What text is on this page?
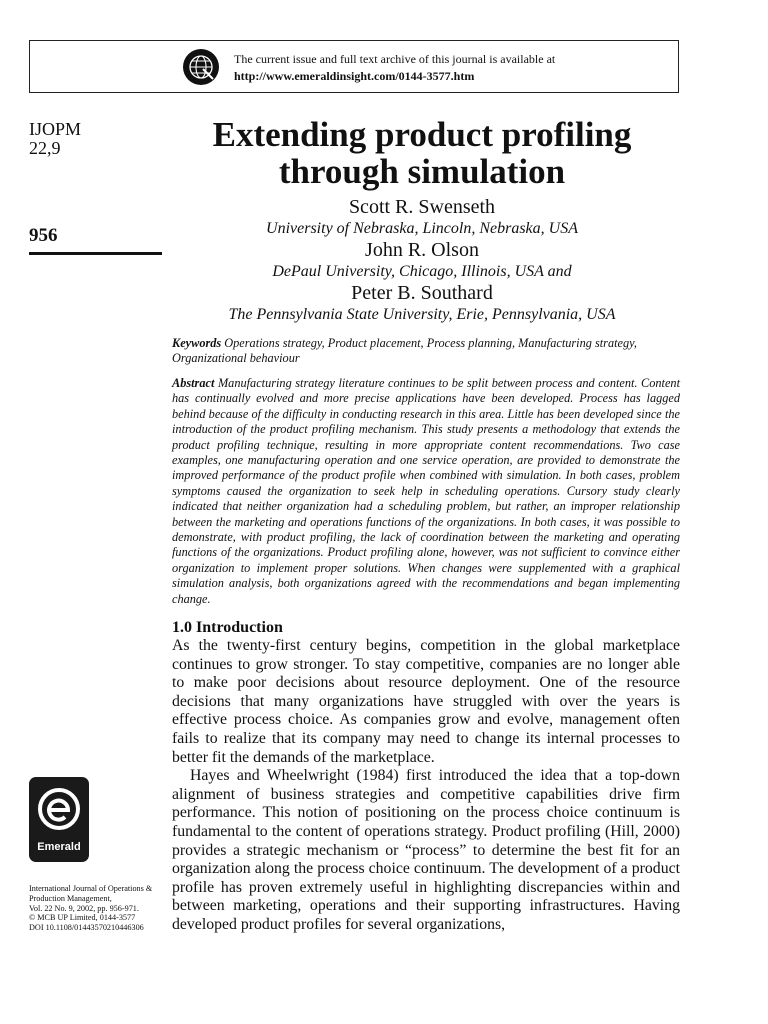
The current issue and full text archive of this journal is available at
http://www.emeraldinsight.com/0144-3577.htm
IJOPM
22,9
956
Extending product profiling
through simulation
Scott R. Swenseth
University of Nebraska, Lincoln, Nebraska, USA
John R. Olson
DePaul University, Chicago, Illinois, USA and
Peter B. Southard
The Pennsylvania State University, Erie, Pennsylvania, USA
Keywords Operations strategy, Product placement, Process planning, Manufacturing strategy, Organizational behaviour
Abstract Manufacturing strategy literature continues to be split between process and content. Content has continually evolved and more precise applications have been developed. Process has lagged behind because of the difficulty in conducting research in this area. Little has been developed since the introduction of the product profiling mechanism. This study presents a methodology that extends the product profiling technique, resulting in more appropriate content recommendations. Two case examples, one manufacturing operation and one service operation, are provided to demonstrate the improved performance of the product profile when combined with simulation. In both cases, problem symptoms caused the organization to seek help in scheduling operations. Cursory study clearly indicated that neither organization had a scheduling problem, but rather, an improper relationship between the marketing and operations functions of the organizations. In both cases, it was possible to demonstrate, with product profiling, the lack of coordination between the marketing and operating functions of the organizations. Product profiling alone, however, was not sufficient to convince either organization to implement proper solutions. When changes were supplemented with a graphical simulation analysis, both organizations agreed with the recommendations and began implementing change.
1.0 Introduction

As the twenty-first century begins, competition in the global marketplace continues to grow stronger. To stay competitive, companies are no longer able to make poor decisions about resource deployment. One of the resource decisions that many organizations have struggled with over the years is effective process choice. As companies grow and evolve, management often fails to realize that its company may need to change its internal processes to better fit the demands of the marketplace.

Hayes and Wheelwright (1984) first introduced the idea that a top-down alignment of business strategies and competitive capabilities drive firm performance. This notion of positioning on the process choice continuum is fundamental to the content of operations strategy. Product profiling (Hill, 2000) provides a strategic mechanism or “process” to determine the best fit for an organization along the process choice continuum. The development of a product profile has proven extremely useful in highlighting discrepancies within and between marketing, operations and their supporting infrastructures. Having developed product profiles for several organizations,

Emerald
International Journal of Operations &
Production Management,
Vol. 22 No. 9, 2002, pp. 956-971.
© MCB UP Limited, 0144-3577
DOI 10.1108/01443570210446306
